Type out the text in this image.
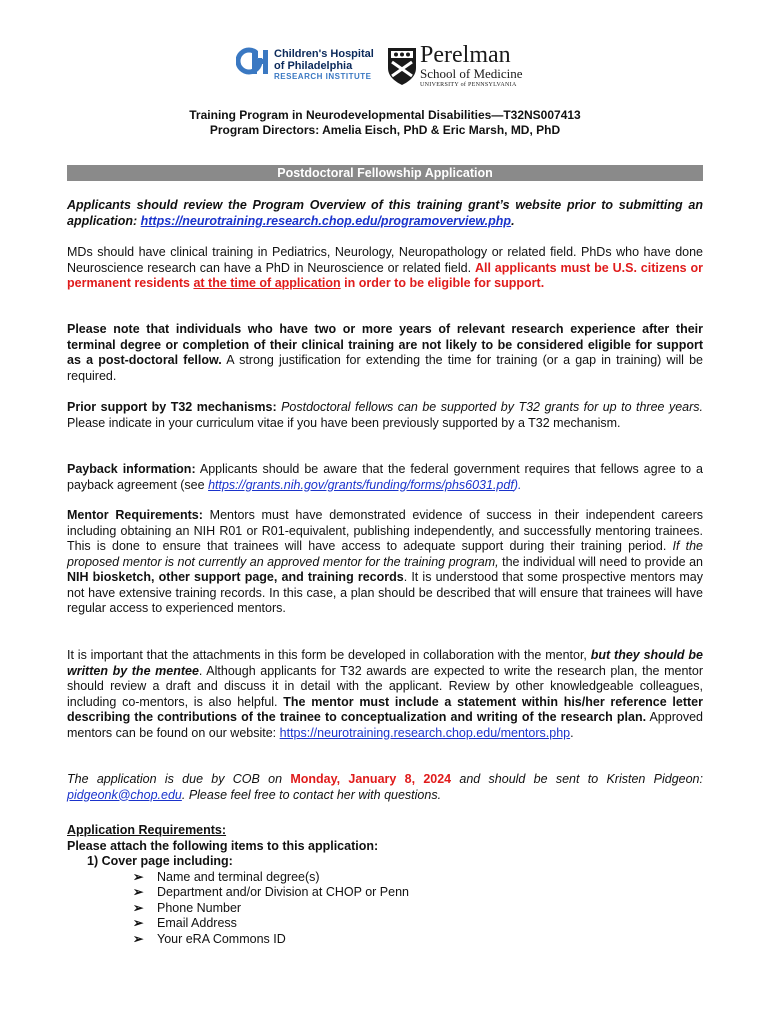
Children's Hospital
of Philadelphia
RESEARCH INSTITUTE
Perelman
School of Medicine
UNIVERSITY of PENNSYLVANIA
Training Program in Neurodevelopmental Disabilities—T32NS007413
Program Directors: Amelia Eisch, PhD & Eric Marsh, MD, PhD
Postdoctoral Fellowship Application
Applicants should review the Program Overview of this training grant’s website prior to submitting an application: https://neurotraining.research.chop.edu/programoverview.php.
MDs should have clinical training in Pediatrics, Neurology, Neuropathology or related field. PhDs who have done Neuroscience research can have a PhD in Neuroscience or related field. All applicants must be U.S. citizens or permanent residents at the time of application in order to be eligible for support.
Please note that individuals who have two or more years of relevant research experience after their terminal degree or completion of their clinical training are not likely to be considered eligible for support as a post-doctoral fellow. A strong justification for extending the time for training (or a gap in training) will be required.
Prior support by T32 mechanisms: Postdoctoral fellows can be supported by T32 grants for up to three years. Please indicate in your curriculum vitae if you have been previously supported by a T32 mechanism.
Payback information: Applicants should be aware that the federal government requires that fellows agree to a payback agreement (see https://grants.nih.gov/grants/funding/forms/phs6031.pdf).
Mentor Requirements: Mentors must have demonstrated evidence of success in their independent careers including obtaining an NIH R01 or R01-equivalent, publishing independently, and successfully mentoring trainees. This is done to ensure that trainees will have access to adequate support during their training period. If the proposed mentor is not currently an approved mentor for the training program, the individual will need to provide an NIH biosketch, other support page, and training records. It is understood that some prospective mentors may not have extensive training records. In this case, a plan should be described that will ensure that trainees will have regular access to experienced mentors.
It is important that the attachments in this form be developed in collaboration with the mentor, but they should be written by the mentee. Although applicants for T32 awards are expected to write the research plan, the mentor should review a draft and discuss it in detail with the applicant. Review by other knowledgeable colleagues, including co-mentors, is also helpful. The mentor must include a statement within his/her reference letter describing the contributions of the trainee to conceptualization and writing of the research plan. Approved mentors can be found on our website: https://neurotraining.research.chop.edu/mentors.php.
The application is due by COB on Monday, January 8, 2024 and should be sent to Kristen Pidgeon: pidgeonk@chop.edu. Please feel free to contact her with questions.
Application Requirements:
Please attach the following items to this application:
1) Cover page including:
➢ Name and terminal degree(s)
➢ Department and/or Division at CHOP or Penn
➢ Phone Number
➢ Email Address
➢ Your eRA Commons ID
